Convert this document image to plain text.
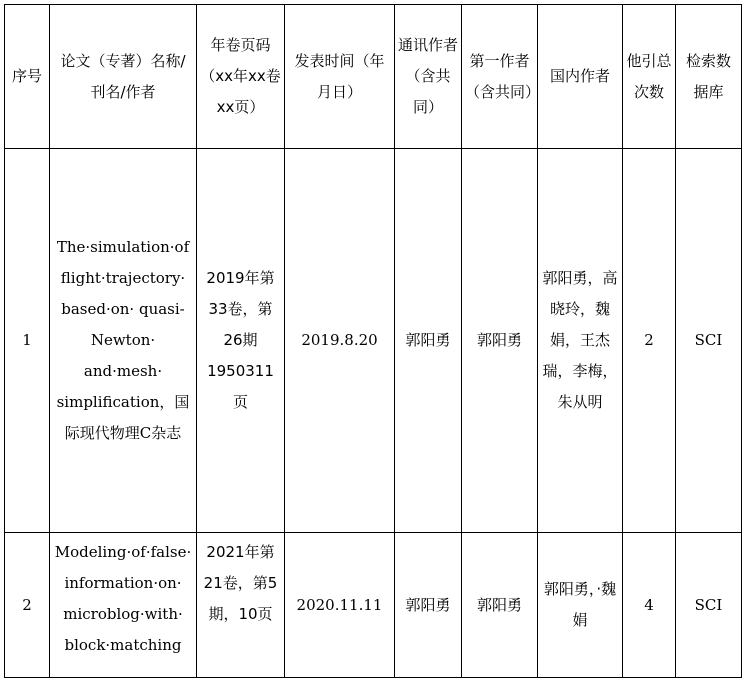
序号	论文（专著）名称/刊名/作者	年卷页码（xx年xx卷xx页）	发表时间（年月日）	通讯作者（含共同）	第一作者（含共同）	国内作者	他引总次数	检索数据库
1	The·simulation·of flight·trajectory· based·on· quasi-Newton· and·mesh· simplification，国际现代物理C杂志	2019年第33卷，第26期1950311页	2019.8.20	郭阳勇	郭阳勇	郭阳勇，高晓玲，魏娟，王杰瑞，李梅，朱从明	2	SCI
2	Modeling·of·false· information·on· microblog·with· block·matching	2021年第21卷，第5期，10页	2020.11.11	郭阳勇	郭阳勇	郭阳勇，·魏娟	4	SCI
